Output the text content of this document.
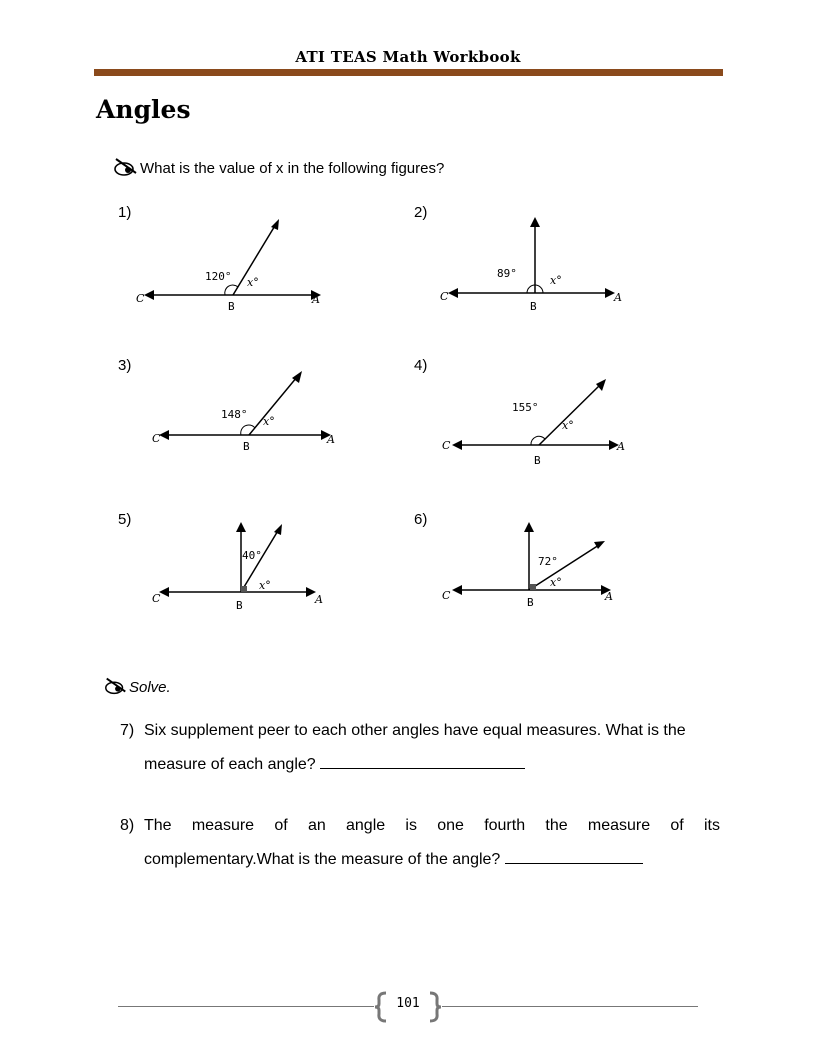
ATI TEAS Math Workbook
Angles
What is the value of x in the following figures?
1)
120° x°
B
C	A
2)
89°
x°
B
C	A
3)
148°
x°
B
C	A
4)
155°
x°
B
C	A
5)
40°
x°
B
C	A
6)
72°
x°
B
C	A
Solve.
7) Six supplement peer to each other angles have equal measures. What is the
measure of each angle?
8) The measure of an angle is one fourth the measure of its
complementary.What is the measure of the angle?
101
